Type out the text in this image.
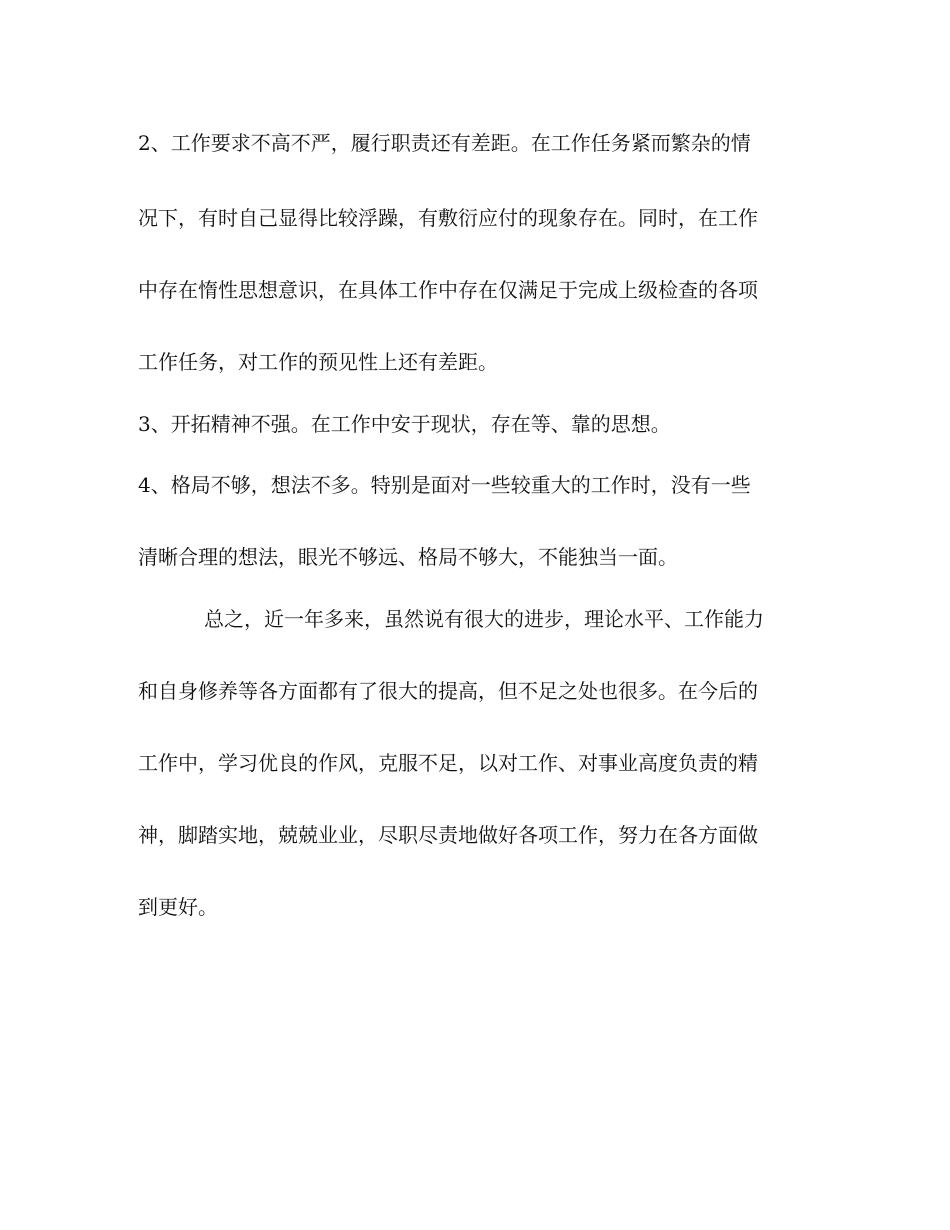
2、工作要求不高不严，履行职责还有差距。在工作任务紧而繁杂的情

况下，有时自己显得比较浮躁，有敷衍应付的现象存在。同时，在工作

中存在惰性思想意识，在具体工作中存在仅满足于完成上级检查的各项

工作任务，对工作的预见性上还有差距。

3、开拓精神不强。在工作中安于现状，存在等、靠的思想。

4、格局不够，想法不多。特别是面对一些较重大的工作时，没有一些

清晰合理的想法，眼光不够远、格局不够大，不能独当一面。

总之，近一年多来，虽然说有很大的进步，理论水平、工作能力

和自身修养等各方面都有了很大的提高，但不足之处也很多。在今后的

工作中，学习优良的作风，克服不足，以对工作、对事业高度负责的精

神，脚踏实地，兢兢业业，尽职尽责地做好各项工作，努力在各方面做

到更好。
